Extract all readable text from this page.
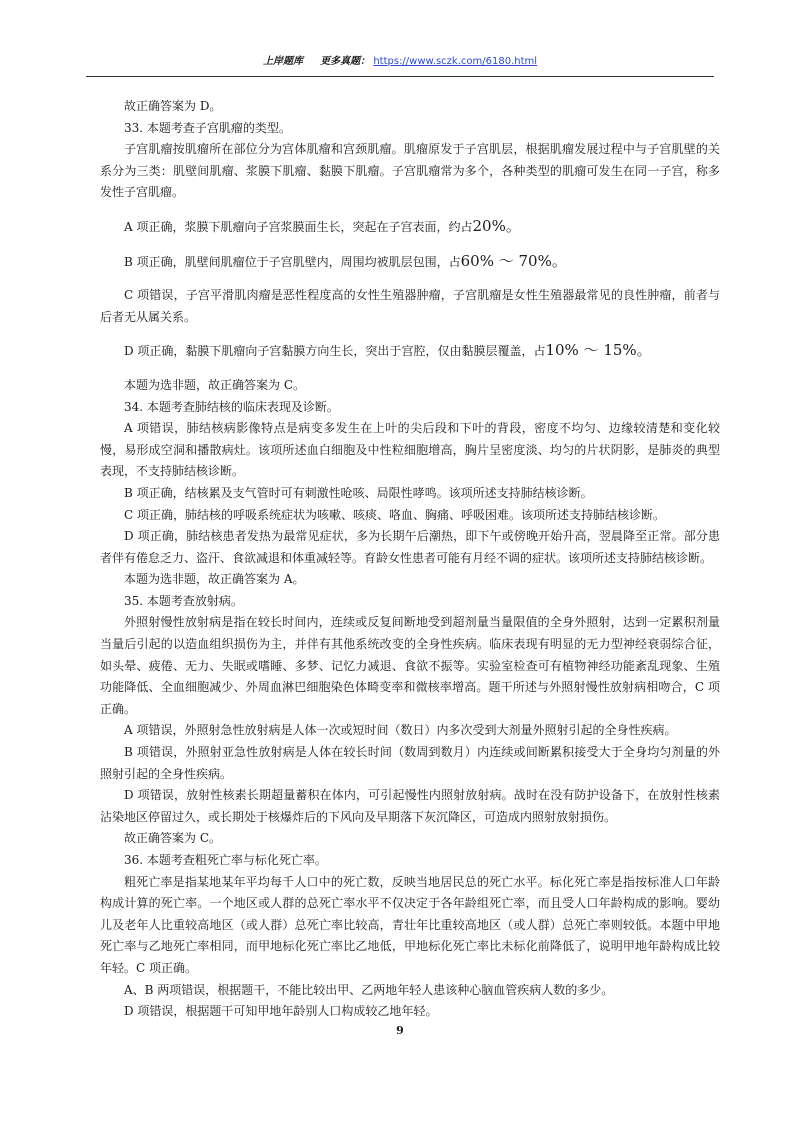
上岸题库 更多真题： https://www.sczk.com/6180.html

故正确答案为 D。

33. 本题考查子宫肌瘤的类型。

子宫肌瘤按肌瘤所在部位分为宫体肌瘤和宫颈肌瘤。肌瘤原发于子宫肌层，根据肌瘤发展过程中与子宫肌壁的关系分为三类：肌壁间肌瘤、浆膜下肌瘤、黏膜下肌瘤。子宫肌瘤常为多个，各种类型的肌瘤可发生在同一子宫，称多发性子宫肌瘤。

A 项正确，浆膜下肌瘤向子宫浆膜面生长，突起在子宫表面，约占20%。

B 项正确，肌壁间肌瘤位于子宫肌壁内，周围均被肌层包围，占60% ～ 70%。

C 项错误，子宫平滑肌肉瘤是恶性程度高的女性生殖器肿瘤，子宫肌瘤是女性生殖器最常见的良性肿瘤，前者与后者无从属关系。

D 项正确，黏膜下肌瘤向子宫黏膜方向生长，突出于宫腔，仅由黏膜层覆盖，占10% ～ 15%。

本题为选非题，故正确答案为 C。

34. 本题考查肺结核的临床表现及诊断。

A 项错误，肺结核病影像特点是病变多发生在上叶的尖后段和下叶的背段，密度不均匀、边缘较清楚和变化较慢，易形成空洞和播散病灶。该项所述血白细胞及中性粒细胞增高，胸片呈密度淡、均匀的片状阴影，是肺炎的典型表现，不支持肺结核诊断。

B 项正确，结核累及支气管时可有刺激性呛咳、局限性哮鸣。该项所述支持肺结核诊断。

C 项正确，肺结核的呼吸系统症状为咳嗽、咳痰、咯血、胸痛、呼吸困难。该项所述支持肺结核诊断。

D 项正确，肺结核患者发热为最常见症状，多为长期午后潮热，即下午或傍晚开始升高，翌晨降至正常。部分患者伴有倦怠乏力、盗汗、食欲减退和体重减轻等。育龄女性患者可能有月经不调的症状。该项所述支持肺结核诊断。

本题为选非题，故正确答案为 A。

35. 本题考查放射病。

外照射慢性放射病是指在较长时间内，连续或反复间断地受到超剂量当量限值的全身外照射，达到一定累积剂量当量后引起的以造血组织损伤为主，并伴有其他系统改变的全身性疾病。临床表现有明显的无力型神经衰弱综合征，如头晕、疲倦、无力、失眠或嗜睡、多梦、记忆力减退、食欲不振等。实验室检查可有植物神经功能紊乱现象、生殖功能降低、全血细胞减少、外周血淋巴细胞染色体畸变率和微核率增高。题干所述与外照射慢性放射病相吻合，C 项正确。

A 项错误，外照射急性放射病是人体一次或短时间（数日）内多次受到大剂量外照射引起的全身性疾病。

B 项错误，外照射亚急性放射病是人体在较长时间（数周到数月）内连续或间断累积接受大于全身均匀剂量的外照射引起的全身性疾病。

D 项错误，放射性核素长期超量蓄积在体内，可引起慢性内照射放射病。战时在没有防护设备下，在放射性核素沾染地区停留过久，或长期处于核爆炸后的下风向及早期落下灰沉降区，可造成内照射放射损伤。

故正确答案为 C。

36. 本题考查粗死亡率与标化死亡率。

粗死亡率是指某地某年平均每千人口中的死亡数，反映当地居民总的死亡水平。标化死亡率是指按标准人口年龄构成计算的死亡率。一个地区或人群的总死亡率水平不仅决定于各年龄组死亡率，而且受人口年龄构成的影响。婴幼儿及老年人比重较高地区（或人群）总死亡率比较高，青壮年比重较高地区（或人群）总死亡率则较低。本题中甲地死亡率与乙地死亡率相同，而甲地标化死亡率比乙地低，甲地标化死亡率比未标化前降低了，说明甲地年龄构成比较年轻。C 项正确。

A、B 两项错误，根据题干，不能比较出甲、乙两地年轻人患该种心脑血管疾病人数的多少。

D 项错误，根据题干可知甲地年龄别人口构成较乙地年轻。

9
